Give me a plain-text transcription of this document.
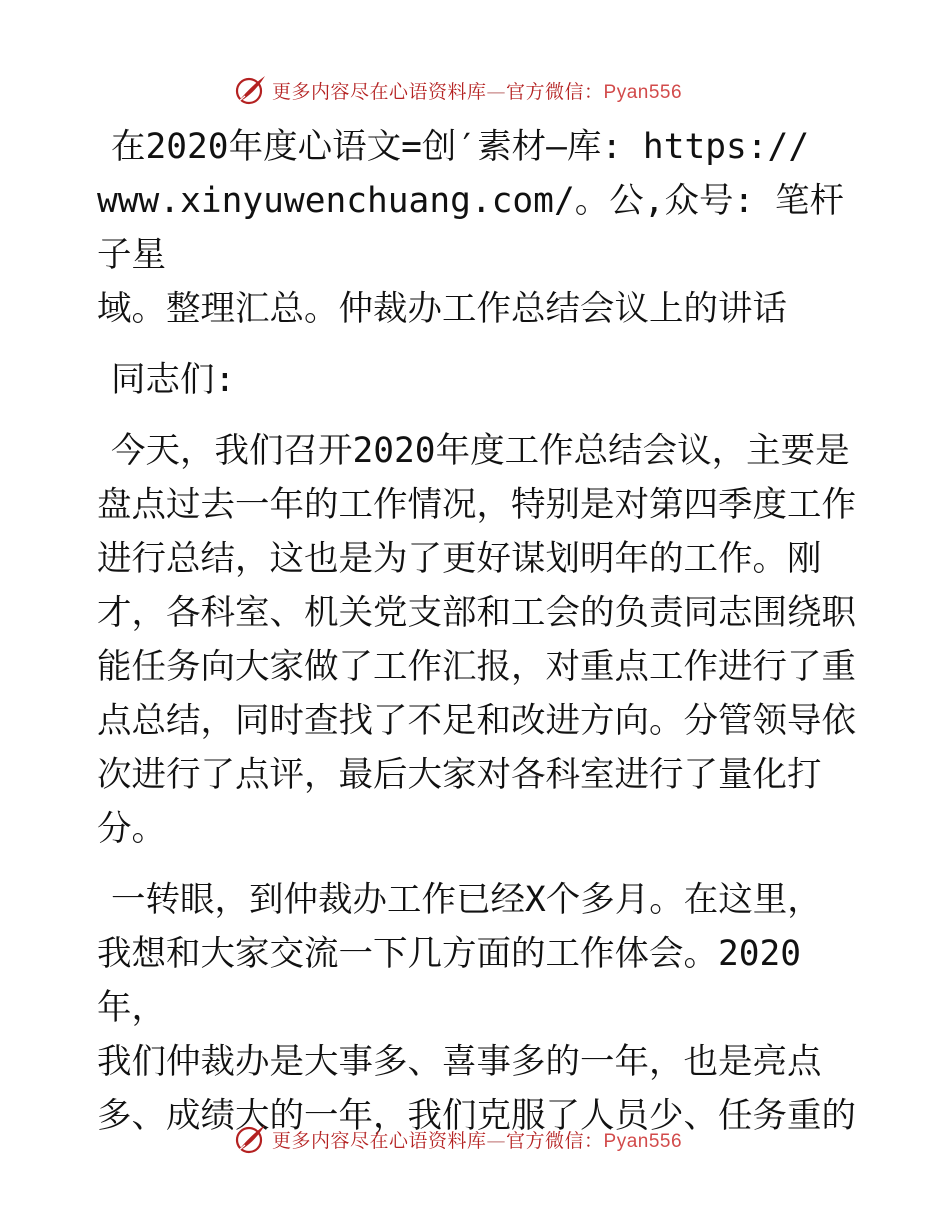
更多内容尽在心语资料库—官方微信：Pyan556

在2020年度心语文=创′素材—库: https://
www.xinyuwenchuang.com/。公,众号: 笔杆子星
域。整理汇总。仲裁办工作总结会议上的讲话

同志们:

今天，我们召开2020年度工作总结会议，主要是
盘点过去一年的工作情况，特别是对第四季度工作
进行总结，这也是为了更好谋划明年的工作。刚
才，各科室、机关党支部和工会的负责同志围绕职
能任务向大家做了工作汇报，对重点工作进行了重
点总结，同时查找了不足和改进方向。分管领导依
次进行了点评，最后大家对各科室进行了量化打
分。

一转眼，到仲裁办工作已经X个多月。在这里，
我想和大家交流一下几方面的工作体会。2020年，
我们仲裁办是大事多、喜事多的一年，也是亮点
多、成绩大的一年，我们克服了人员少、任务重的

更多内容尽在心语资料库—官方微信：Pyan556
